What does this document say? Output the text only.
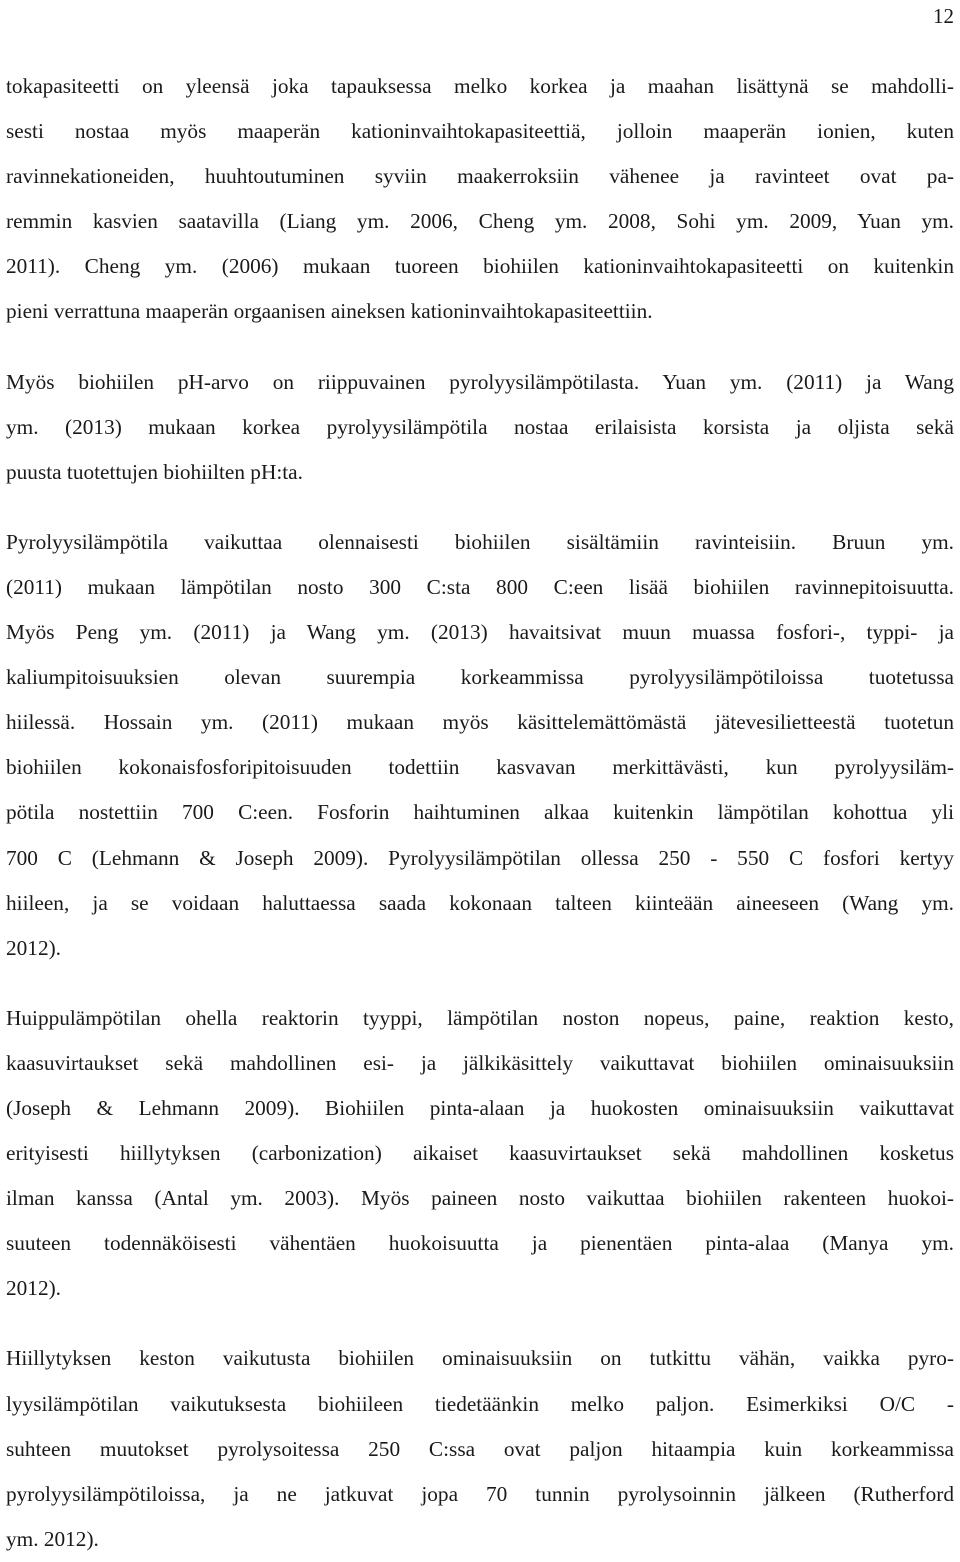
12

tokapasiteetti on yleensä joka tapauksessa melko korkea ja maahan lisättynä se mahdolli-
sesti nostaa myös maaperän kationinvaihtokapasiteettiä, jolloin maaperän ionien, kuten
ravinnekationeiden, huuhtoutuminen syviin maakerroksiin vähenee ja ravinteet ovat pa-
remmin kasvien saatavilla (Liang ym. 2006, Cheng ym. 2008, Sohi ym. 2009, Yuan ym.
2011). Cheng ym. (2006) mukaan tuoreen biohiilen kationinvaihtokapasiteetti on kuitenkin
pieni verrattuna maaperän orgaanisen aineksen kationinvaihtokapasiteettiin.

Myös biohiilen pH-arvo on riippuvainen pyrolyysilämpötilasta. Yuan ym. (2011) ja Wang
ym. (2013) mukaan korkea pyrolyysilämpötila nostaa erilaisista korsista ja oljista sekä
puusta tuotettujen biohiilten pH:ta.

Pyrolyysilämpötila vaikuttaa olennaisesti biohiilen sisältämiin ravinteisiin. Bruun ym.
(2011) mukaan lämpötilan nosto 300 C:sta 800 C:een lisää biohiilen ravinnepitoisuutta.
Myös Peng ym. (2011) ja Wang ym. (2013) havaitsivat muun muassa fosfori-, typpi- ja
kaliumpitoisuuksien olevan suurempia korkeammissa pyrolyysilämpötiloissa tuotetussa
hiilessä. Hossain ym. (2011) mukaan myös käsittelemättömästä jätevesilietteestä tuotetun
biohiilen kokonaisfosforipitoisuuden todettiin kasvavan merkittävästi, kun pyrolyysiläm-
pötila nostettiin 700 C:een. Fosforin haihtuminen alkaa kuitenkin lämpötilan kohottua yli
700 C (Lehmann & Joseph 2009). Pyrolyysilämpötilan ollessa 250 - 550 C fosfori kertyy
hiileen, ja se voidaan haluttaessa saada kokonaan talteen kiinteään aineeseen (Wang ym.
2012).

Huippulämpötilan ohella reaktorin tyyppi, lämpötilan noston nopeus, paine, reaktion kesto,
kaasuvirtaukset sekä mahdollinen esi- ja jälkikäsittely vaikuttavat biohiilen ominaisuuksiin
(Joseph & Lehmann 2009). Biohiilen pinta-alaan ja huokosten ominaisuuksiin vaikuttavat
erityisesti hiillytyksen (carbonization) aikaiset kaasuvirtaukset sekä mahdollinen kosketus
ilman kanssa (Antal ym. 2003). Myös paineen nosto vaikuttaa biohiilen rakenteen huokoi-
suuteen todennäköisesti vähentäen huokoisuutta ja pienentäen pinta-alaa (Manya ym.
2012).

Hiillytyksen keston vaikutusta biohiilen ominaisuuksiin on tutkittu vähän, vaikka pyro-
lyysilämpötilan vaikutuksesta biohiileen tiedetäänkin melko paljon. Esimerkiksi O/C -
suhteen muutokset pyrolysoitessa 250 C:ssa ovat paljon hitaampia kuin korkeammissa
pyrolyysilämpötiloissa, ja ne jatkuvat jopa 70 tunnin pyrolysoinnin jälkeen (Rutherford
ym. 2012).
